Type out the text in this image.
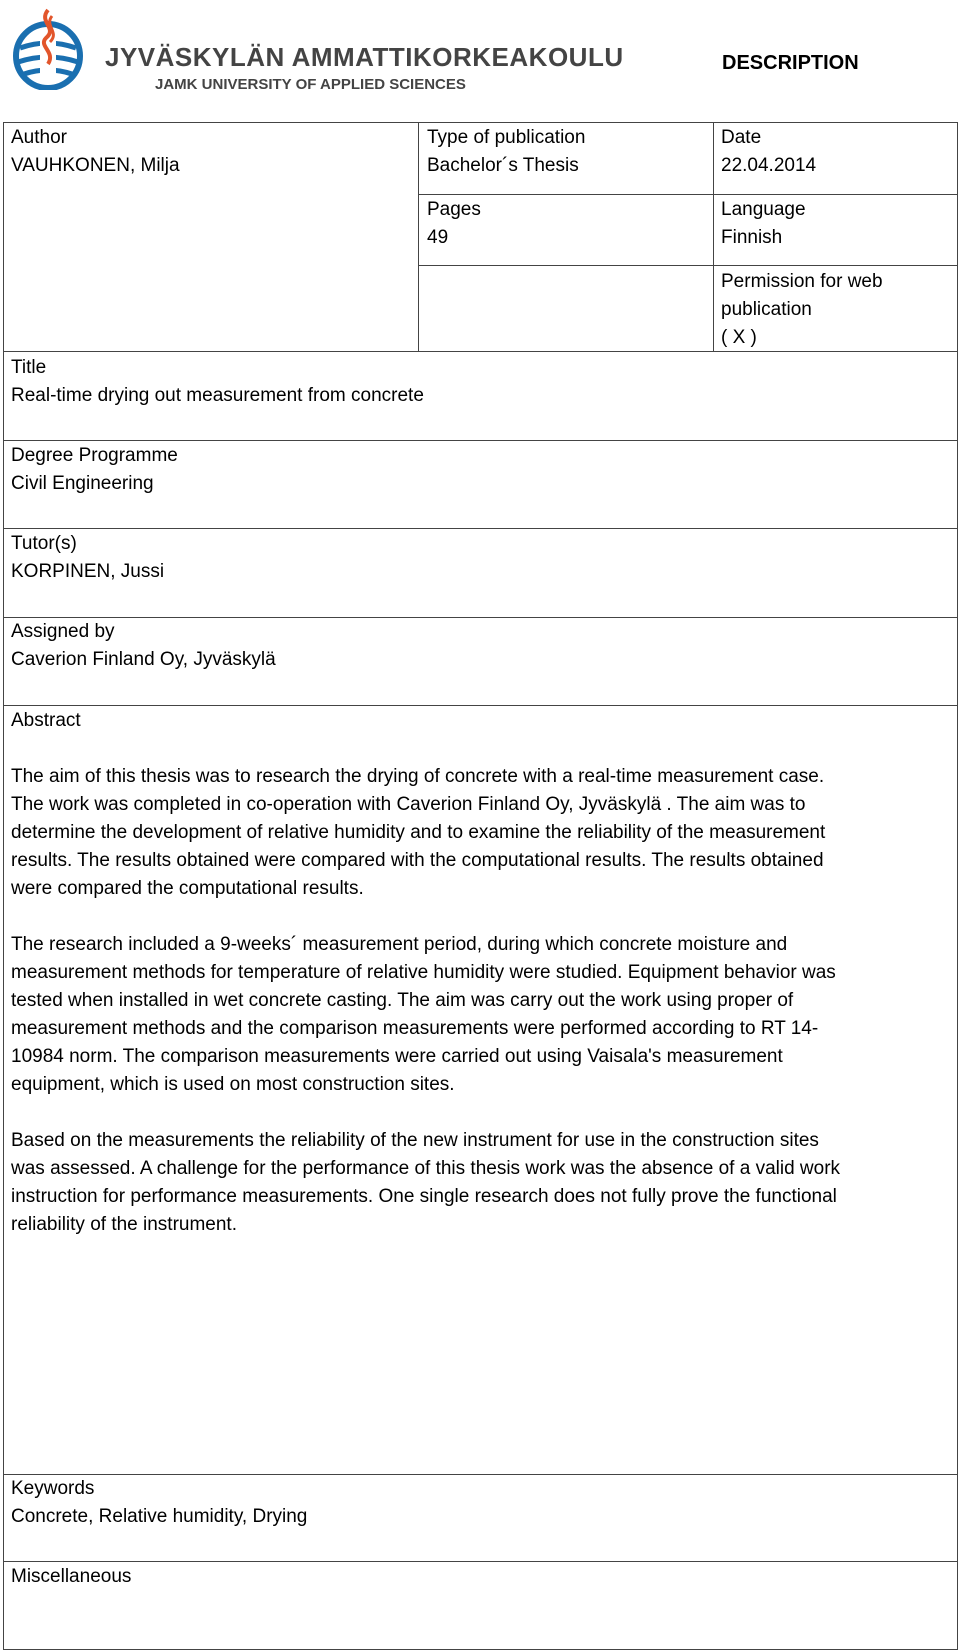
JYVÄSKYLÄN AMMATTIKORKEAKOULU
JAMK UNIVERSITY OF APPLIED SCIENCES
DESCRIPTION
Author
VAUHKONEN, Milja
Type of publication
Bachelor´s Thesis
Date
22.04.2014
Pages
49
Language
Finnish
Permission for web
publication
( X )
Title
Real-time drying out measurement from concrete
Degree Programme
Civil Engineering
Tutor(s)
KORPINEN, Jussi
Assigned by
Caverion Finland Oy, Jyväskylä
Abstract

The aim of this thesis was to research the drying of concrete with a real-time measurement case.
The work was completed in co-operation with Caverion Finland Oy, Jyväskylä . The aim was to
determine the development of relative humidity and to examine the reliability of the measurement
results. The results obtained were compared with the computational results. The results obtained
were compared the computational results.

The research included a 9-weeks´ measurement period, during which concrete moisture and
measurement methods for temperature of relative humidity were studied. Equipment behavior was
tested when installed in wet concrete casting. The aim was carry out the work using proper of
measurement methods and the comparison measurements were performed according to RT 14-
10984 norm. The comparison measurements were carried out using Vaisala's measurement
equipment, which is used on most construction sites.

Based on the measurements the reliability of the new instrument for use in the construction sites
was assessed. A challenge for the performance of this thesis work was the absence of a valid work
instruction for performance measurements. One single research does not fully prove the functional
reliability of the instrument.

Keywords
Concrete, Relative humidity, Drying
Miscellaneous
